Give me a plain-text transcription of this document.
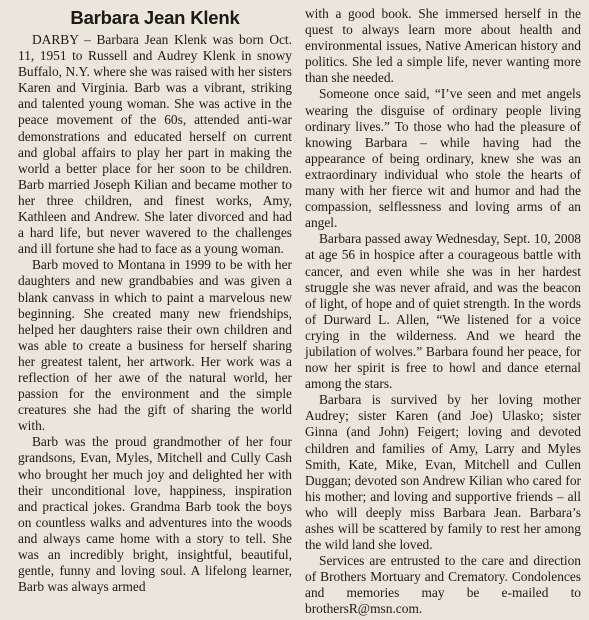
Barbara Jean Klenk

DARBY – Barbara Jean Klenk was born Oct. 11, 1951 to Russell and Audrey Klenk in snowy Buffalo, N.Y. where she was raised with her sisters Karen and Virginia. Barb was a vibrant, striking and talented young woman. She was active in the peace movement of the 60s, attended anti-war demonstrations and educated herself on current and global affairs to play her part in making the world a better place for her soon to be children. Barb married Joseph Kilian and became mother to her three children, and finest works, Amy, Kathleen and Andrew. She later divorced and had a hard life, but never wavered to the challenges and ill fortune she had to face as a young woman.

Barb moved to Montana in 1999 to be with her daughters and new grandbabies and was given a blank canvass in which to paint a marvelous new beginning. She created many new friendships, helped her daughters raise their own children and was able to create a business for herself sharing her greatest talent, her artwork. Her work was a reflection of her awe of the natural world, her passion for the environment and the simple creatures she had the gift of sharing the world with.

Barb was the proud grandmother of her four grandsons, Evan, Myles, Mitchell and Cully Cash who brought her much joy and delighted her with their unconditional love, happiness, inspiration and practical jokes. Grandma Barb took the boys on countless walks and adventures into the woods and always came home with a story to tell. She was an incredibly bright, insightful, beautiful, gentle, funny and loving soul. A lifelong learner, Barb was always armed

with a good book. She immersed herself in the quest to always learn more about health and environmental issues, Native American history and politics. She led a simple life, never wanting more than she needed.

Someone once said, “I’ve seen and met angels wearing the disguise of ordinary people living ordinary lives.” To those who had the pleasure of knowing Barbara – while having had the appearance of being ordinary, knew she was an extraordinary individual who stole the hearts of many with her fierce wit and humor and had the compassion, selflessness and loving arms of an angel.

Barbara passed away Wednesday, Sept. 10, 2008 at age 56 in hospice after a courageous battle with cancer, and even while she was in her hardest struggle she was never afraid, and was the beacon of light, of hope and of quiet strength. In the words of Durward L. Allen, “We listened for a voice crying in the wilderness. And we heard the jubilation of wolves.” Barbara found her peace, for now her spirit is free to howl and dance eternal among the stars.

Barbara is survived by her loving mother Audrey; sister Karen (and Joe) Ulasko; sister Ginna (and John) Feigert; loving and devoted children and families of Amy, Larry and Myles Smith, Kate, Mike, Evan, Mitchell and Cullen Duggan; devoted son Andrew Kilian who cared for his mother; and loving and supportive friends – all who will deeply miss Barbara Jean. Barbara’s ashes will be scattered by family to rest her among the wild land she loved.

Services are entrusted to the care and direction of Brothers Mortuary and Crematory. Condolences and memories may be e-mailed to brothersR@msn.com.
